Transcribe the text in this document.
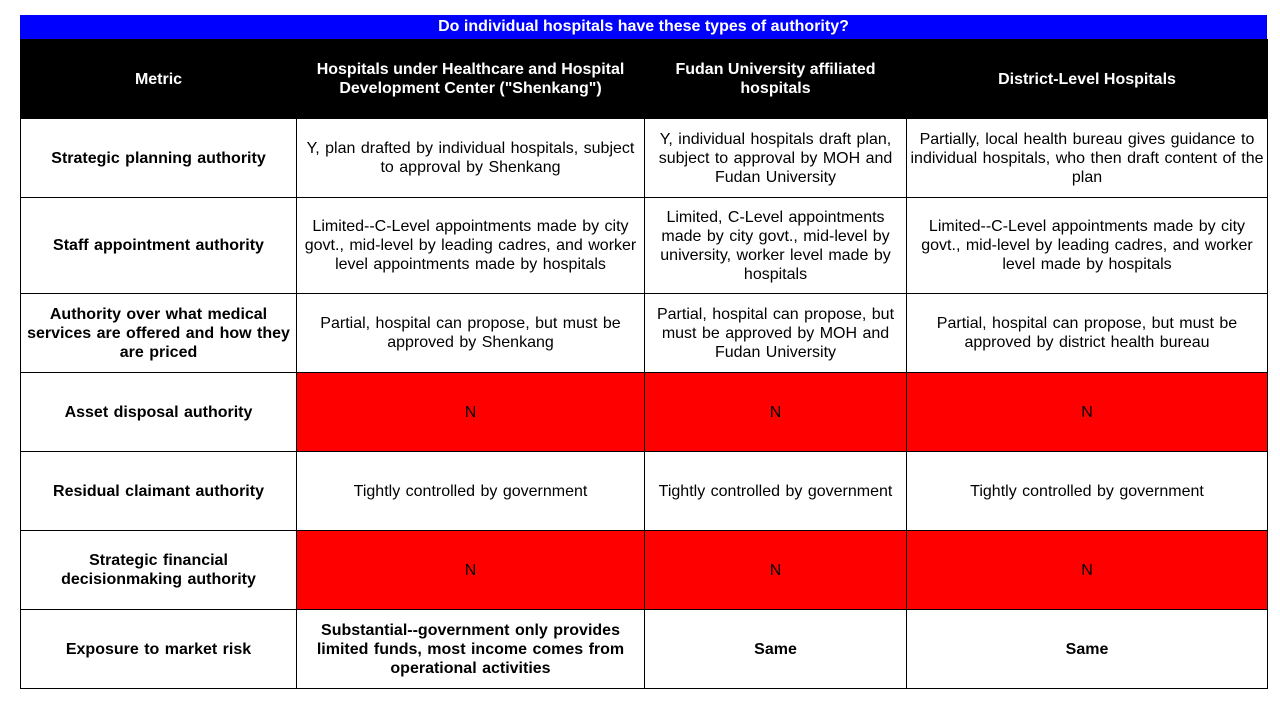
Do individual hospitals have these types of authority?
Metric	Hospitals under Healthcare and Hospital Development Center ("Shenkang")	Fudan University affiliated hospitals	District-Level Hospitals
Strategic planning authority	Y, plan drafted by individual hospitals, subject to approval by Shenkang	Y, individual hospitals draft plan, subject to approval by MOH and Fudan University	Partially, local health bureau gives guidance to individual hospitals, who then draft content of the plan
Staff appointment authority	Limited--C-Level appointments made by city govt., mid-level by leading cadres, and worker level appointments made by hospitals	Limited, C-Level appointments made by city govt., mid-level by university, worker level made by hospitals	Limited--C-Level appointments made by city govt., mid-level by leading cadres, and worker level made by hospitals
Authority over what medical services are offered and how they are priced	Partial, hospital can propose, but must be approved by Shenkang	Partial, hospital can propose, but must be approved by MOH and Fudan University	Partial, hospital can propose, but must be approved by district health bureau
Asset disposal authority	N	N	N
Residual claimant authority	Tightly controlled by government	Tightly controlled by government	Tightly controlled by government
Strategic financial decisionmaking authority	N	N	N
Exposure to market risk	Substantial--government only provides limited funds, most income comes from operational activities	Same	Same
